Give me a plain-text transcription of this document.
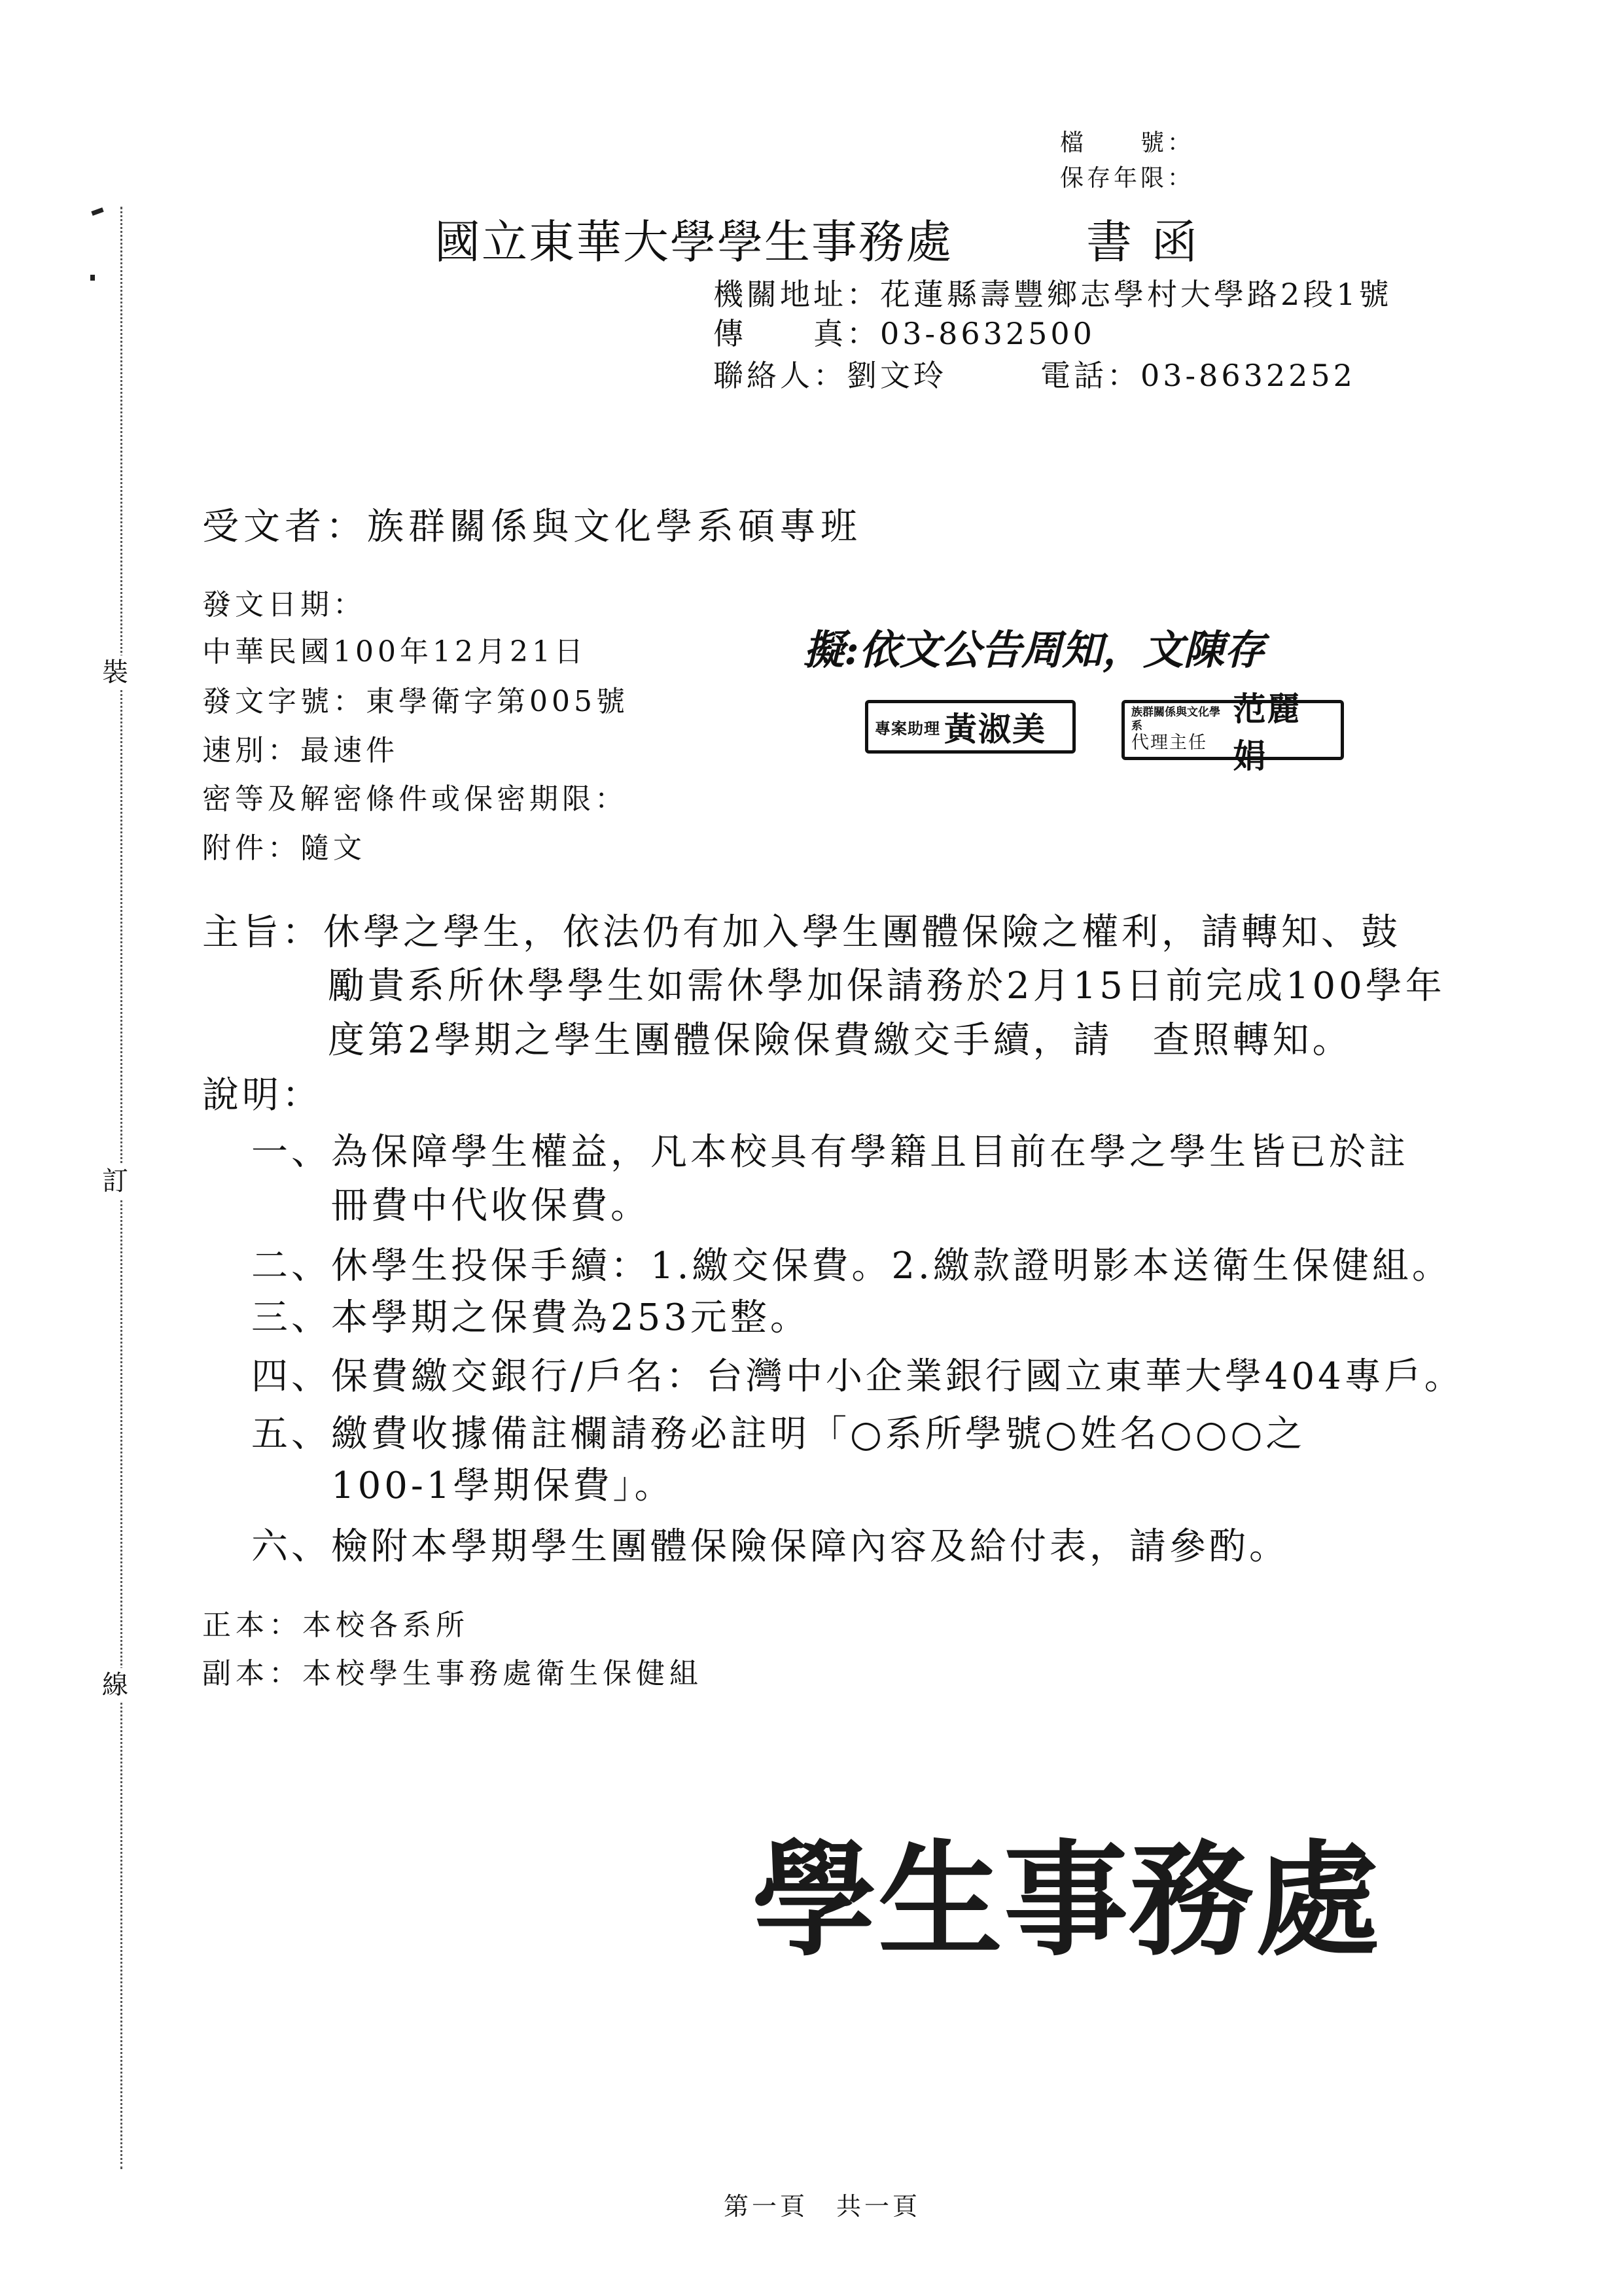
裝
訂
線
檔　　號：
保存年限：
國立東華大學學生事務處	書函
機關地址：花蓮縣壽豐鄉志學村大學路2段1號
傳　　真：03-8632500
聯絡人：劉文玲	電話：03-8632252
受文者：族群關係與文化學系碩專班
發文日期：
中華民國100年12月21日
發文字號：東學衛字第005號
速別：最速件
密等及解密條件或保密期限：
附件：隨文
擬:依文公告周知，文陳存
專案助理 黃淑美	族群關係與文化學系
代理主任
范麗娟
主旨： 休學之學生，依法仍有加入學生團體保險之權利，請轉知、鼓
勵貴系所休學學生如需休學加保請務於2月15日前完成100學年
度第2學期之學生團體保險保費繳交手續，請　查照轉知。
說明：
一、 為保障學生權益，凡本校具有學籍且目前在學之學生皆已於註
冊費中代收保費。
二、 休學生投保手續：1.繳交保費。2.繳款證明影本送衛生保健組。
三、 本學期之保費為253元整。
四、 保費繳交銀行/戶名：台灣中小企業銀行國立東華大學404專戶。
五、 繳費收據備註欄請務必註明「○系所學號○姓名○○○之
100-1學期保費」。
六、 檢附本學期學生團體保險保障內容及給付表，請參酌。
正本：本校各系所
副本：本校學生事務處衛生保健組
學生事務處
第一頁　共一頁
